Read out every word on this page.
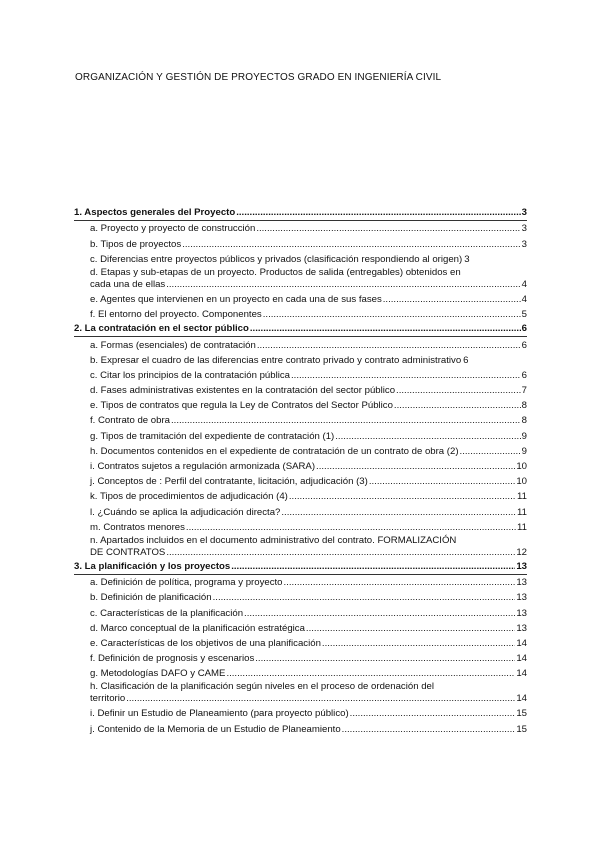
ORGANIZACIÓN Y GESTIÓN DE PROYECTOS GRADO EN INGENIERÍA CIVIL
1. Aspectos generales del Proyecto .....	3
a. Proyecto y proyecto de construcción .....	3
b. Tipos de proyectos .....	3
c. Diferencias entre proyectos públicos y privados (clasificación respondiendo al origen) 3
d. Etapas y sub-etapas de un proyecto. Productos de salida (entregables) obtenidos en
cada una de ellas .....	4
e. Agentes que intervienen en un proyecto en cada una de sus fases .....	4
f. El entorno del proyecto. Componentes .....	5
2. La contratación en el sector público .....	6
a. Formas (esenciales) de contratación .....	6
b. Expresar el cuadro de las diferencias entre contrato privado y contrato administrativo 6
c. Citar los principios de la contratación pública .....	6
d. Fases administrativas existentes en la contratación del sector público .....	7
e. Tipos de contratos que regula la Ley de Contratos del Sector Público .....	8
f. Contrato de obra .....	8
g. Tipos de tramitación del expediente de contratación (1) .....	9
h. Documentos contenidos en el expediente de contratación de un contrato de obra (2) .....	9
i. Contratos sujetos a regulación armonizada (SARA) .....	10
j. Conceptos de : Perfil del contratante, licitación, adjudicación (3) .....	10
k. Tipos de procedimientos de adjudicación (4) .....	11
l. ¿Cuándo se aplica la adjudicación directa? .....	11
m. Contratos menores .....	11
n. Apartados incluidos en el documento administrativo del contrato. FORMALIZACIÓN
DE CONTRATOS .....	12
3. La planificación y los proyectos .....	13
a. Definición de política, programa y proyecto .....	13
b. Definición de planificación .....	13
c. Características de la planificación .....	13
d. Marco conceptual de la planificación estratégica .....	13
e. Características de los objetivos de una planificación .....	14
f. Definición de prognosis y escenarios .....	14
g. Metodologías DAFO y CAME .....	14
h. Clasificación de la planificación según niveles en el proceso de ordenación del
territorio .....	14
i. Definir un Estudio de Planeamiento (para proyecto público) .....	15
j. Contenido de la Memoria de un Estudio de Planeamiento .....	15
